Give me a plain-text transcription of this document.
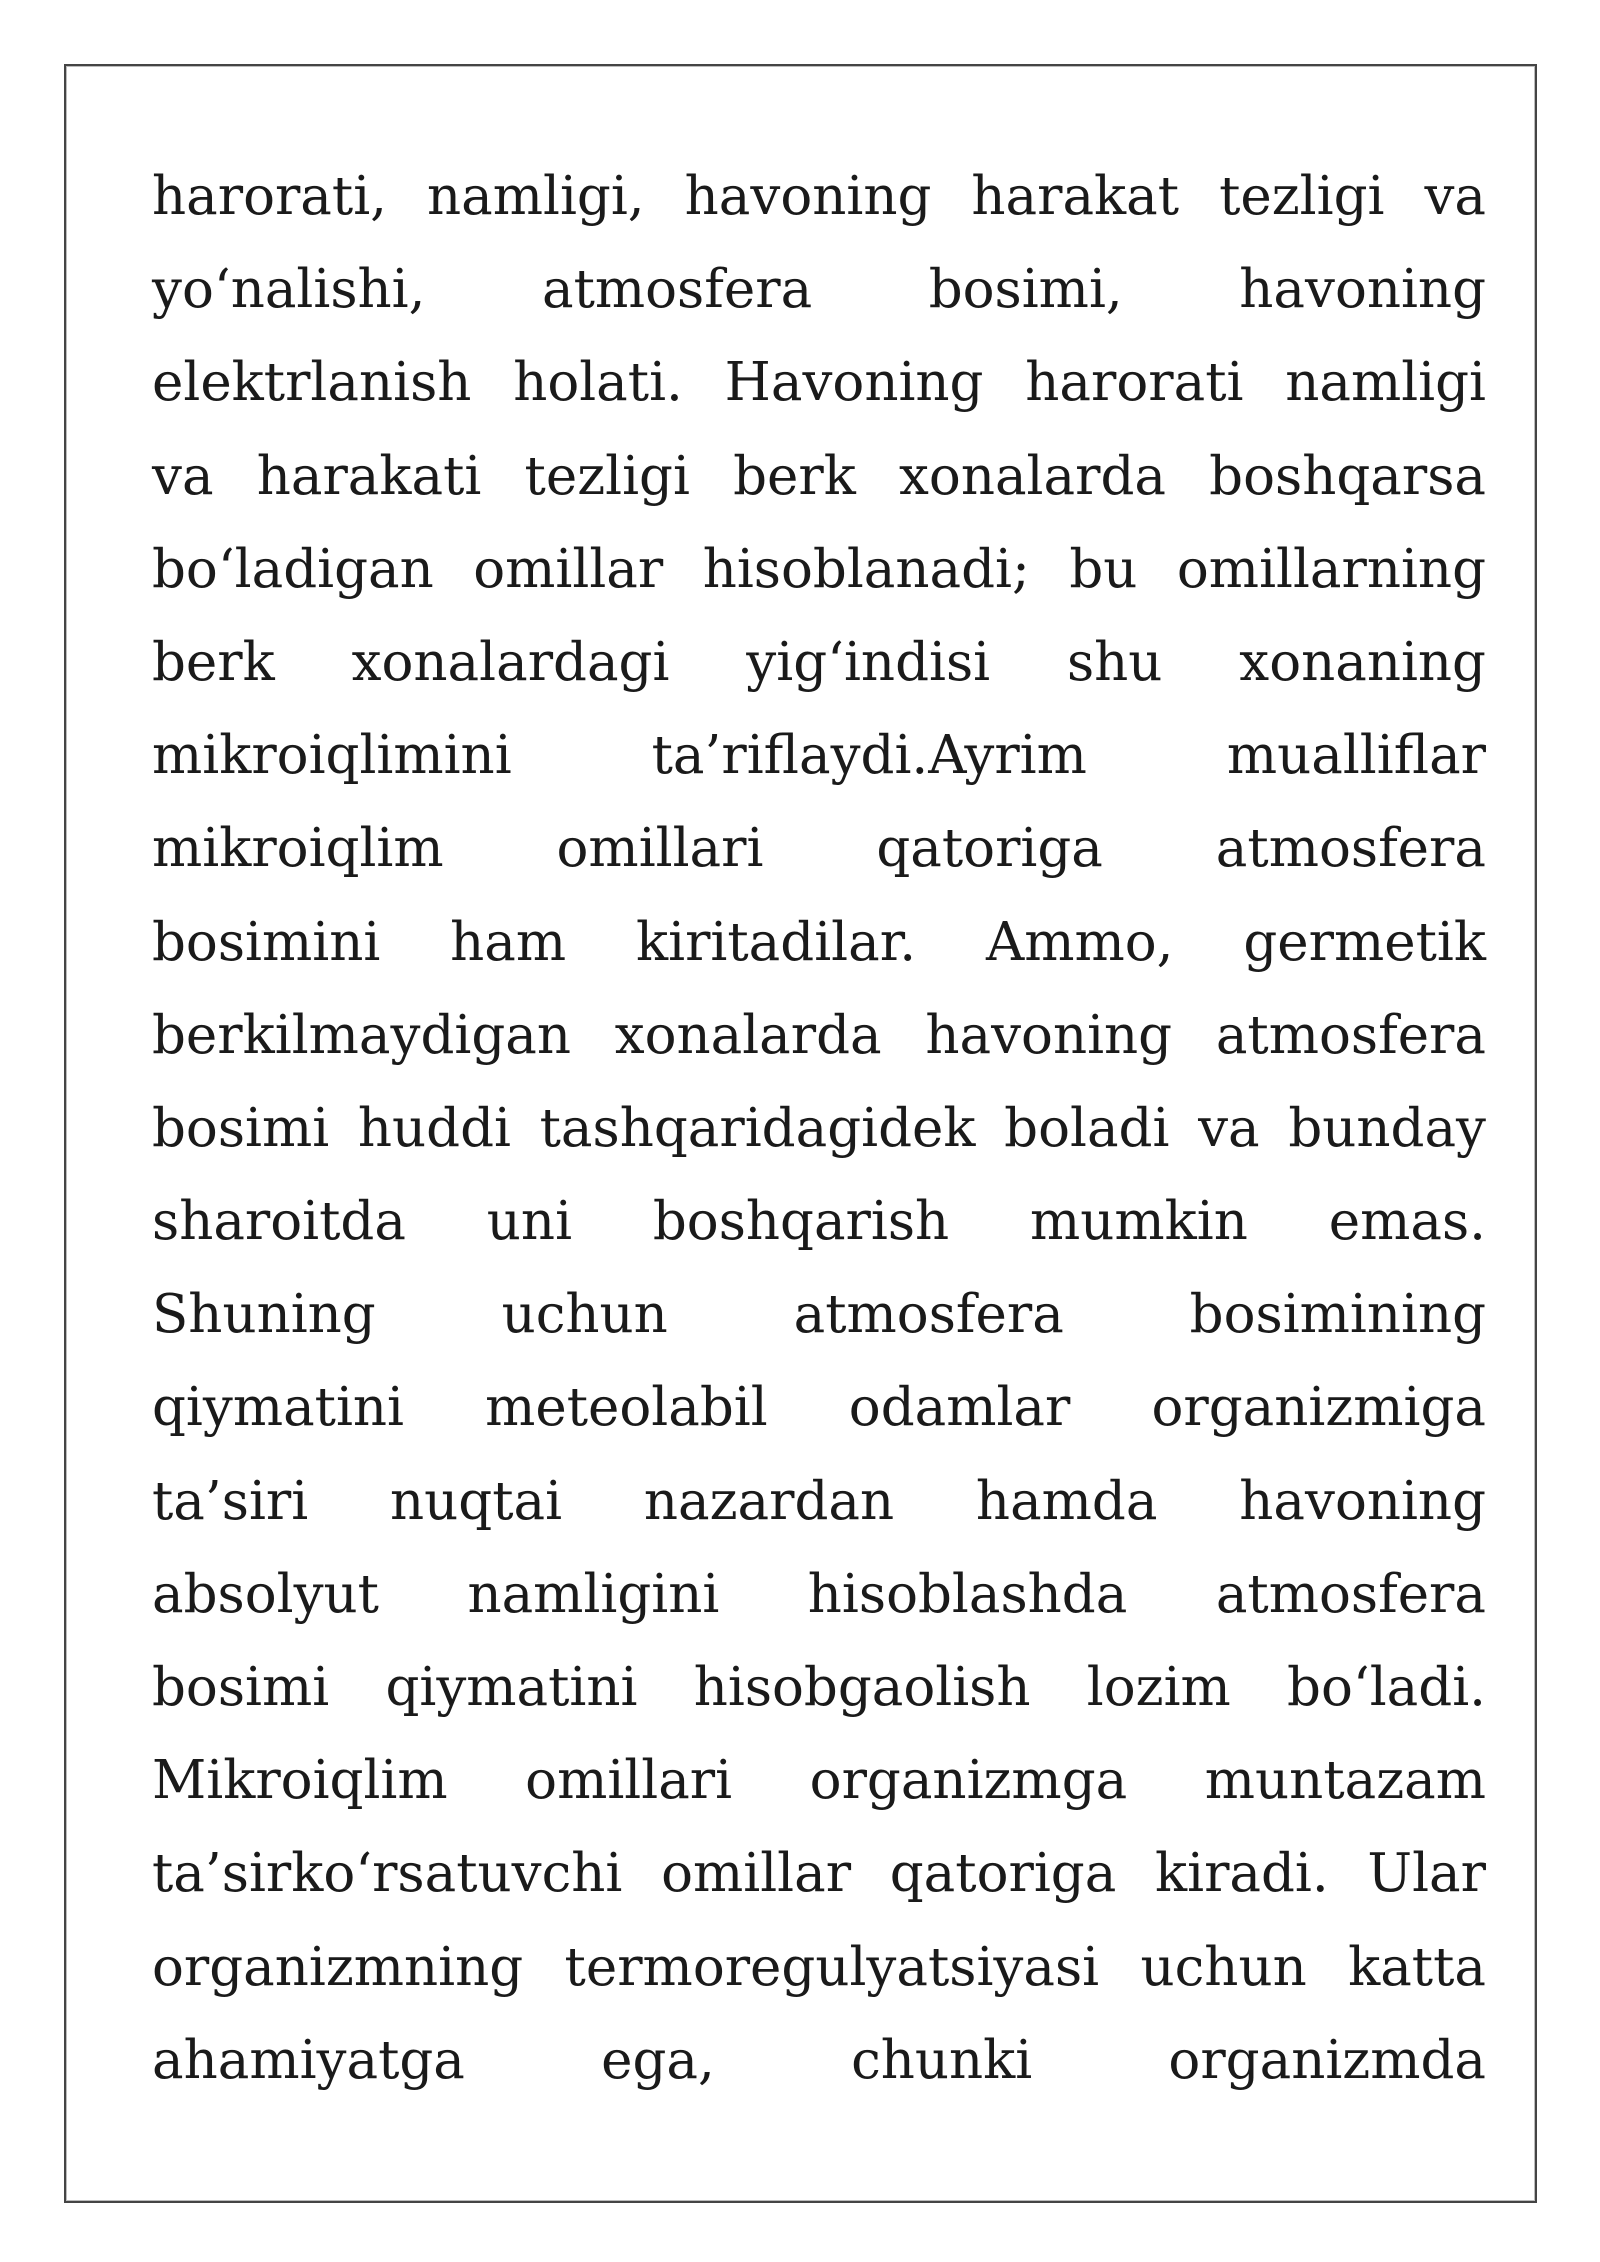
harorati, namligi, havoning harakat tezligi va
yo‘nalishi, atmosfera bosimi, havoning
elektrlanish holati. Havoning harorati namligi
va harakati tezligi berk xonalarda boshqarsa
bo‘ladigan omillar hisoblanadi; bu omillarning
berk xonalardagi yig‘indisi shu xonaning
mikroiqlimini ta’riflaydi.Ayrim mualliflar
mikroiqlim omillari qatoriga atmosfera
bosimini ham kiritadilar. Ammo, germetik
berkilmaydigan xonalarda havoning atmosfera
bosimi huddi tashqaridagidek boladi va bunday
sharoitda uni boshqarish mumkin emas.
Shuning uchun atmosfera bosimining
qiymatini meteolabil odamlar organizmiga
ta’siri nuqtai nazardan hamda havoning
absolyut namligini hisoblashda atmosfera
bosimi qiymatini hisobgaolish lozim bo‘ladi.
Mikroiqlim omillari organizmga muntazam
ta’sirko‘rsatuvchi omillar qatoriga kiradi. Ular
organizmning termoregulyatsiyasi uchun katta
ahamiyatga ega, chunki organizmda
